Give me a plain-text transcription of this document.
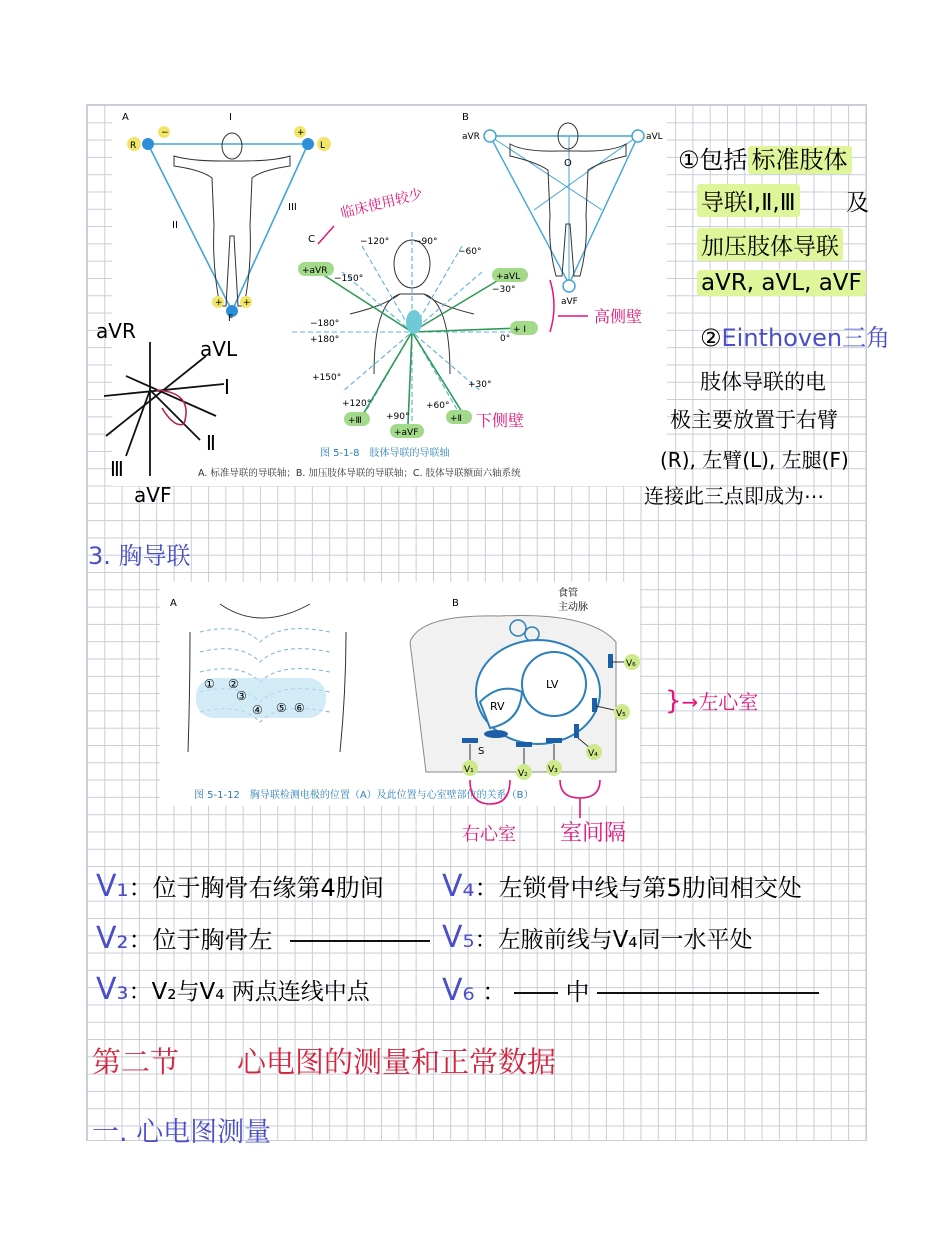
A
R	L
−	+
+ +
F
I
II
III
B
aVR	aVL
aVF
O
C	−120°	−90°
−60°
−150°
−30°
−180°
+180°	0°
+150°
+30°
+120°
+90°
+60°
+aVR
+aVL
+ I
+Ⅲ
+aVF
+Ⅱ
图 5-1-8　肢体导联的导联轴
A. 标准导联的导联轴；B. 加压肢体导联的导联轴；C. 肢体导联额面六轴系统
临床使用较少
高侧壁
下侧壁
aVR
aVL
I
Ⅱ
Ⅲ
aVF
①包括 标准肢体
导联Ⅰ,Ⅱ,Ⅲ 及
加压肢体导联
aVR, aVL, aVF
②Einthoven三角
肢体导联的电
极主要放置于右臂
(R), 左臂(L), 左腿(F)
连接此三点即成为⋯
3. 胸导联
A
① ②
③
④ ⑤ ⑥
B
食管
主动脉
LV
RV
S
V₁	V₂ V₃
V₄
V₅
V₆
图 5-1-12　胸导联检测电极的位置（A）及此位置与心室壁部位的关系（B）
}→左心室
右心室 室间隔
V₁：位于胸骨右缘第4肋间
V₂：位于胸骨左
V₃：V₂与V₄ 两点连线中点
V₄：左锁骨中线与第5肋间相交处
V₅：左腋前线与V₄同一水平处
V₆ ： 中
第二节　　心电图的测量和正常数据
一. 心电图测量
